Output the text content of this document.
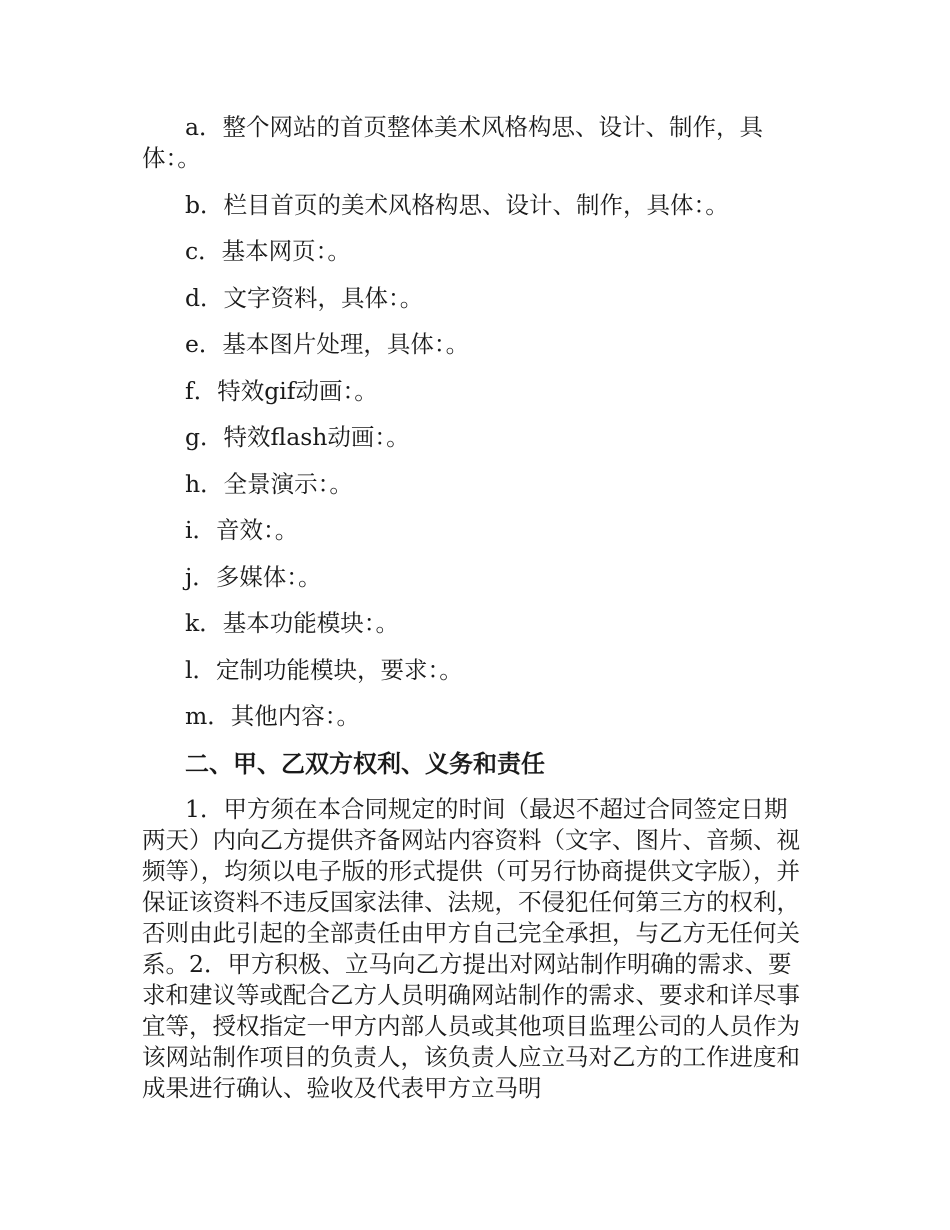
a．整个网站的首页整体美术风格构思、设计、制作，具体：。

b．栏目首页的美术风格构思、设计、制作，具体：。

c．基本网页：。

d．文字资料，具体：。

e．基本图片处理，具体：。

f．特效gif动画：。

g．特效flash动画：。

h．全景演示：。

i．音效：。

j．多媒体：。

k．基本功能模块：。

l．定制功能模块，要求：。

m．其他内容：。

二、甲、乙双方权利、义务和责任

1．甲方须在本合同规定的时间（最迟不超过合同签定日期两天）内向乙方提供齐备网站内容资料（文字、图片、音频、视频等），均须以电子版的形式提供（可另行协商提供文字版），并保证该资料不违反国家法律、法规，不侵犯任何第三方的权利，否则由此引起的全部责任由甲方自己完全承担，与乙方无任何关系。2．甲方积极、立马向乙方提出对网站制作明确的需求、要求和建议等或配合乙方人员明确网站制作的需求、要求和详尽事宜等，授权指定一甲方内部人员或其他项目监理公司的人员作为该网站制作项目的负责人，该负责人应立马对乙方的工作进度和成果进行确认、验收及代表甲方立马明
